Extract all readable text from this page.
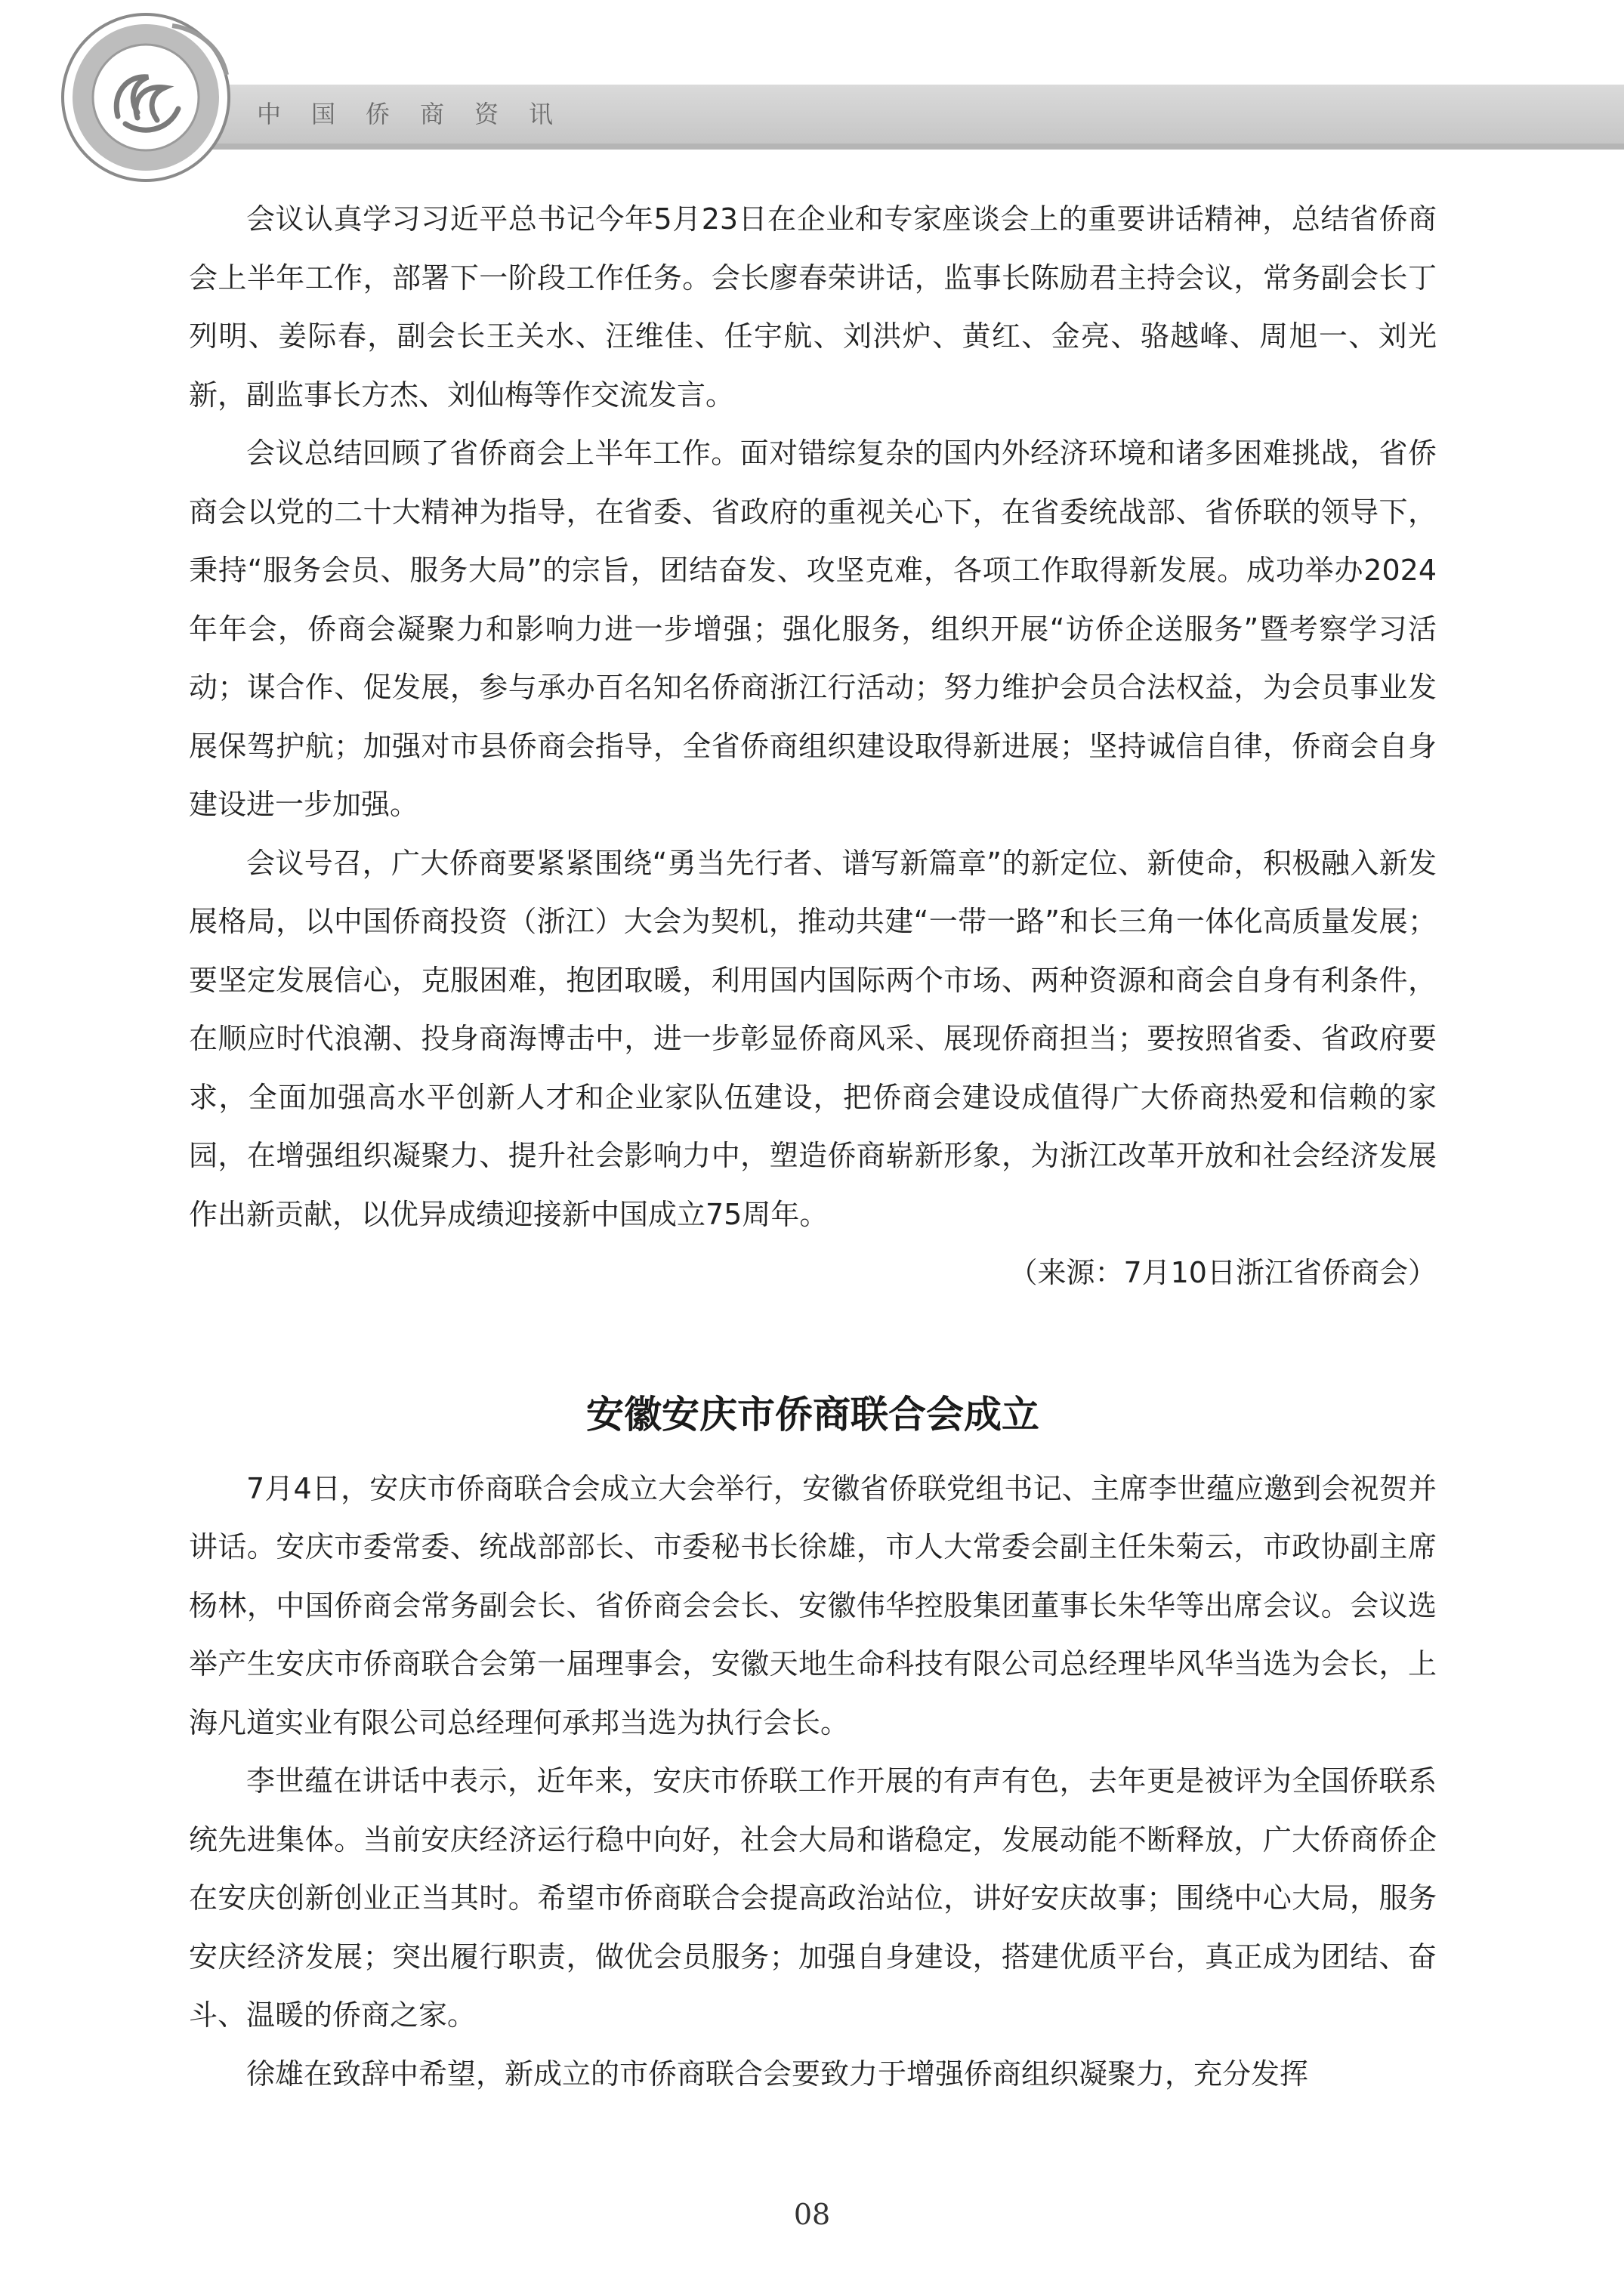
中国侨商资讯

会议认真学习习近平总书记今年5月23日在企业和专家座谈会上的重要讲话精神，总结省侨商会上半年工作，部署下一阶段工作任务。会长廖春荣讲话，监事长陈励君主持会议，常务副会长丁列明、姜际春，副会长王关水、汪维佳、任宇航、刘洪炉、黄红、金亮、骆越峰、周旭一、刘光新，副监事长方杰、刘仙梅等作交流发言。

会议总结回顾了省侨商会上半年工作。面对错综复杂的国内外经济环境和诸多困难挑战，省侨商会以党的二十大精神为指导，在省委、省政府的重视关心下，在省委统战部、省侨联的领导下，秉持“服务会员、服务大局”的宗旨，团结奋发、攻坚克难，各项工作取得新发展。成功举办2024年年会，侨商会凝聚力和影响力进一步增强；强化服务，组织开展“访侨企送服务”暨考察学习活动；谋合作、促发展，参与承办百名知名侨商浙江行活动；努力维护会员合法权益，为会员事业发展保驾护航；加强对市县侨商会指导，全省侨商组织建设取得新进展；坚持诚信自律，侨商会自身建设进一步加强。

会议号召，广大侨商要紧紧围绕“勇当先行者、谱写新篇章”的新定位、新使命，积极融入新发展格局，以中国侨商投资（浙江）大会为契机，推动共建“一带一路”和长三角一体化高质量发展；要坚定发展信心，克服困难，抱团取暖，利用国内国际两个市场、两种资源和商会自身有利条件，在顺应时代浪潮、投身商海博击中，进一步彰显侨商风采、展现侨商担当；要按照省委、省政府要求，全面加强高水平创新人才和企业家队伍建设，把侨商会建设成值得广大侨商热爱和信赖的家园，在增强组织凝聚力、提升社会影响力中，塑造侨商崭新形象，为浙江改革开放和社会经济发展作出新贡献，以优异成绩迎接新中国成立75周年。

（来源：7月10日浙江省侨商会）

安徽安庆市侨商联合会成立

7月4日，安庆市侨商联合会成立大会举行，安徽省侨联党组书记、主席李世蕴应邀到会祝贺并讲话。安庆市委常委、统战部部长、市委秘书长徐雄，市人大常委会副主任朱菊云，市政协副主席杨林，中国侨商会常务副会长、省侨商会会长、安徽伟华控股集团董事长朱华等出席会议。会议选举产生安庆市侨商联合会第一届理事会，安徽天地生命科技有限公司总经理毕风华当选为会长，上海凡道实业有限公司总经理何承邦当选为执行会长。

李世蕴在讲话中表示，近年来，安庆市侨联工作开展的有声有色，去年更是被评为全国侨联系统先进集体。当前安庆经济运行稳中向好，社会大局和谐稳定，发展动能不断释放，广大侨商侨企在安庆创新创业正当其时。希望市侨商联合会提高政治站位，讲好安庆故事；围绕中心大局，服务安庆经济发展；突出履行职责，做优会员服务；加强自身建设，搭建优质平台，真正成为团结、奋斗、温暖的侨商之家。

徐雄在致辞中希望，新成立的市侨商联合会要致力于增强侨商组织凝聚力，充分发挥

08
